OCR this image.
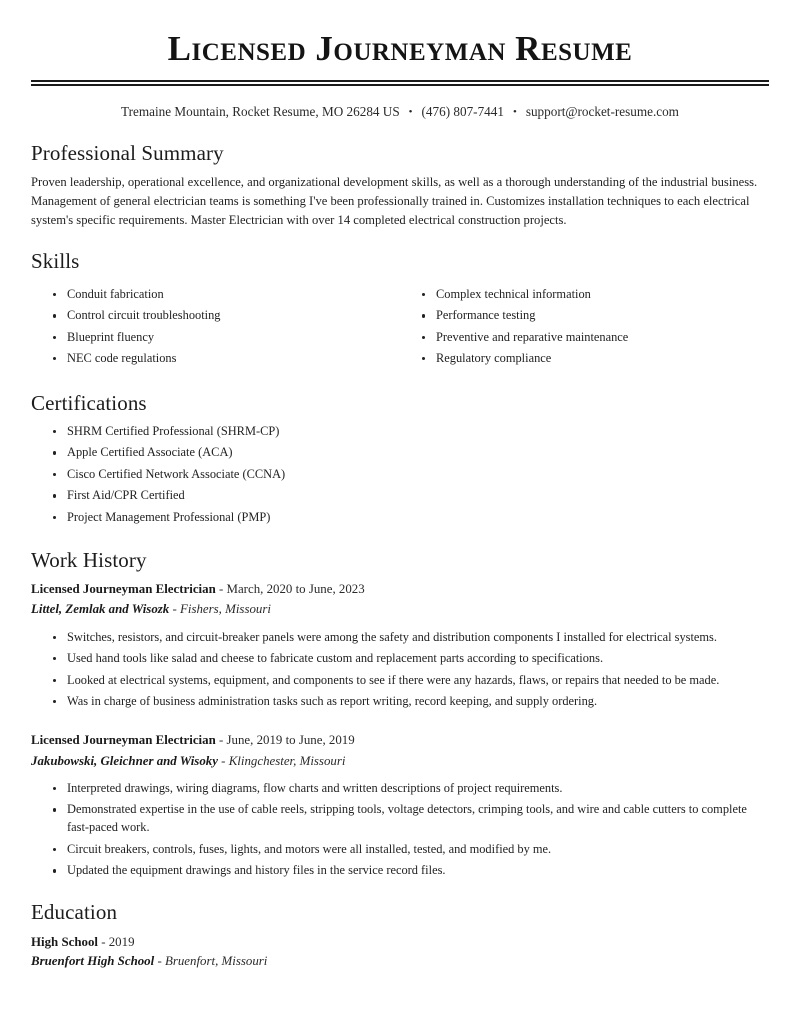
Licensed Journeyman Resume
Tremaine Mountain, Rocket Resume, MO 26284 US • (476) 807-7441 • support@rocket-resume.com
Professional Summary

Proven leadership, operational excellence, and organizational development skills, as well as a thorough understanding of the industrial business. Management of general electrician teams is something I've been professionally trained in. Customizes installation techniques to each electrical system's specific requirements. Master Electrician with over 14 completed electrical construction projects.

Skills
Conduit fabrication
Control circuit troubleshooting
Blueprint fluency
NEC code regulations
Complex technical information
Performance testing
Preventive and reparative maintenance
Regulatory compliance
Certifications
SHRM Certified Professional (SHRM-CP)
Apple Certified Associate (ACA)
Cisco Certified Network Associate (CCNA)
First Aid/CPR Certified
Project Management Professional (PMP)
Work History
Licensed Journeyman Electrician - March, 2020 to June, 2023
Littel, Zemlak and Wisozk - Fishers, Missouri
Switches, resistors, and circuit-breaker panels were among the safety and distribution components I installed for electrical systems.
Used hand tools like salad and cheese to fabricate custom and replacement parts according to specifications.
Looked at electrical systems, equipment, and components to see if there were any hazards, flaws, or repairs that needed to be made.
Was in charge of business administration tasks such as report writing, record keeping, and supply ordering.
Licensed Journeyman Electrician - June, 2019 to June, 2019
Jakubowski, Gleichner and Wisoky - Klingchester, Missouri
Interpreted drawings, wiring diagrams, flow charts and written descriptions of project requirements.
Demonstrated expertise in the use of cable reels, stripping tools, voltage detectors, crimping tools, and wire and cable cutters to complete fast-paced work.
Circuit breakers, controls, fuses, lights, and motors were all installed, tested, and modified by me.
Updated the equipment drawings and history files in the service record files.
Education
High School - 2019
Bruenfort High School - Bruenfort, Missouri
